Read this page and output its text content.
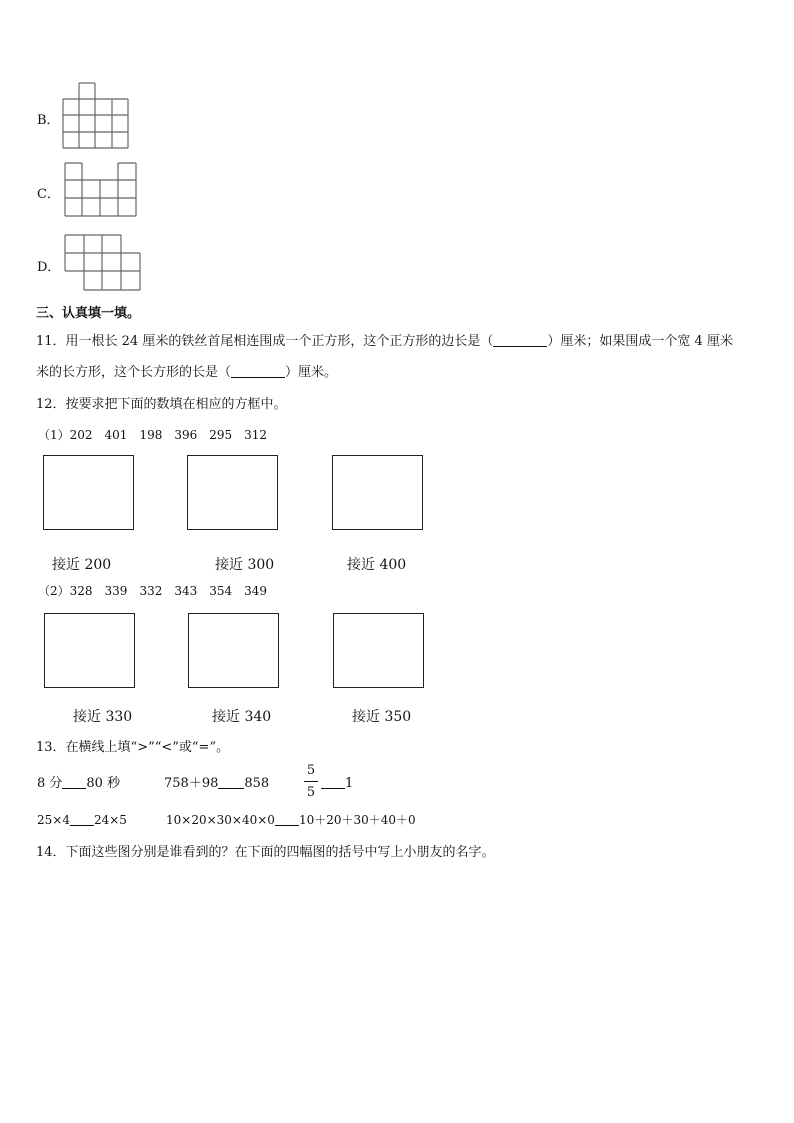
B．
C．
D．
三、认真填一填。
11．用一根长 24 厘米的铁丝首尾相连围成一个正方形，这个正方形的边长是（	）厘米；如果围成一个宽 4 厘米
米的长方形，这个长方形的长是（	）厘米。
12．按要求把下面的数填在相应的方框中。
（1）202　401　198　396　295　312
接近 200	接近 300	接近 400
（2）328　339　332　343　354　349
接近 330	接近 340	接近 350
13．在横线上填“>”“<”或“=”。
8 分 80 秒	758＋98 858
5
5
1
25×4 24×5	10×20×30×40×0 10＋20＋30＋40＋0
14．下面这些图分别是谁看到的？在下面的四幅图的括号中写上小朋友的名字。
